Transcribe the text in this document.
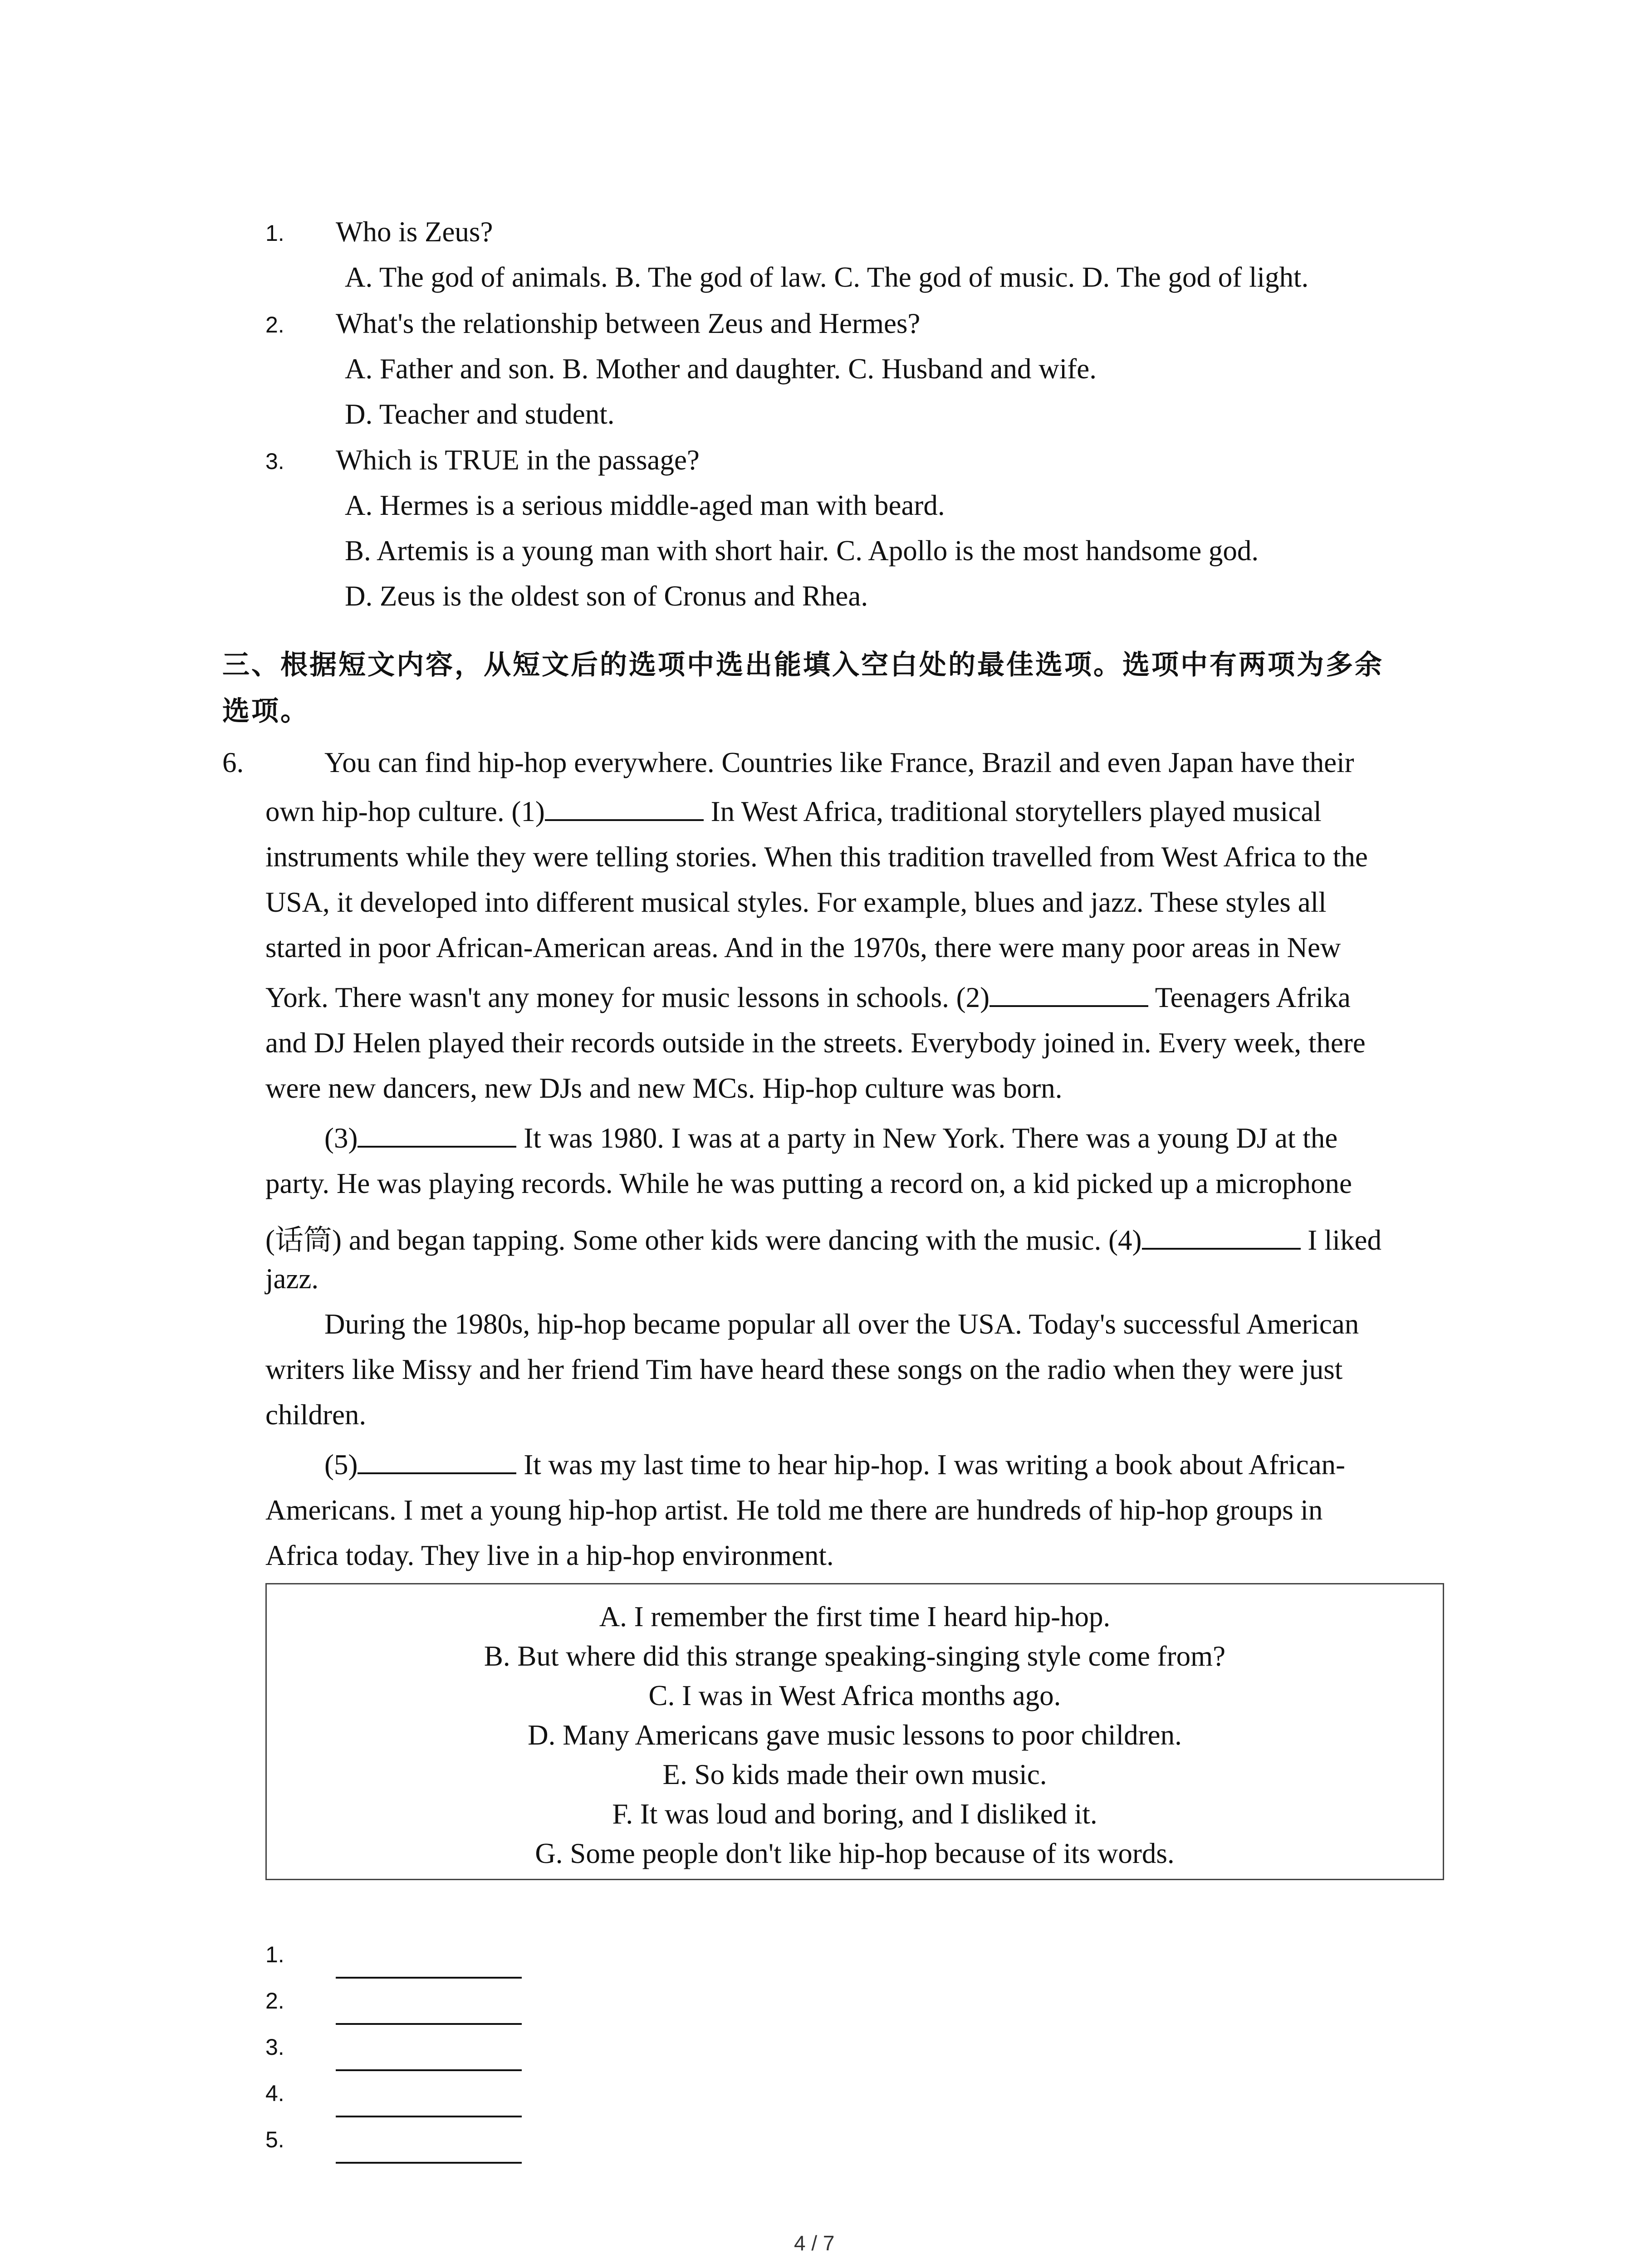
1. Who is Zeus?
A. The god of animals. B. The god of law. C. The god of music. D. The god of light.
2. What's the relationship between Zeus and Hermes?
A. Father and son. B. Mother and daughter. C. Husband and wife.
D. Teacher and student.
3. Which is TRUE in the passage?
A. Hermes is a serious middle-aged man with beard.
B. Artemis is a young man with short hair. C. Apollo is the most handsome god.
D. Zeus is the oldest son of Cronus and Rhea.
三、根据短文内容，从短文后的选项中选出能填入空白处的最佳选项。选项中有两项为多余
选项。
6.	You can find hip-hop everywhere. Countries like France, Brazil and even Japan have their
own hip-hop culture. (1)	In West Africa, traditional storytellers played musical
instruments while they were telling stories. When this tradition travelled from West Africa to the
USA, it developed into different musical styles. For example, blues and jazz. These styles all
started in poor African-American areas. And in the 1970s, there were many poor areas in New
York. There wasn't any money for music lessons in schools. (2)	Teenagers Afrika
and DJ Helen played their records outside in the streets. Everybody joined in. Every week, there
were new dancers, new DJs and new MCs. Hip-hop culture was born.
(3)	It was 1980. I was at a party in New York. There was a young DJ at the
party. He was playing records. While he was putting a record on, a kid picked up a microphone
(话筒) and began tapping. Some other kids were dancing with the music. (4)	I liked
jazz.
During the 1980s, hip-hop became popular all over the USA. Today's successful American
writers like Missy and her friend Tim have heard these songs on the radio when they were just
children.
(5)	It was my last time to hear hip-hop. I was writing a book about African-
Americans. I met a young hip-hop artist. He told me there are hundreds of hip-hop groups in
Africa today. They live in a hip-hop environment.
A. I remember the first time I heard hip-hop.
B. But where did this strange speaking-singing style come from?
C. I was in West Africa months ago.
D. Many Americans gave music lessons to poor children.
E. So kids made their own music.
F. It was loud and boring, and I disliked it.
G. Some people don't like hip-hop because of its words.
1.
2.
3.
4.
5.
4 / 7
